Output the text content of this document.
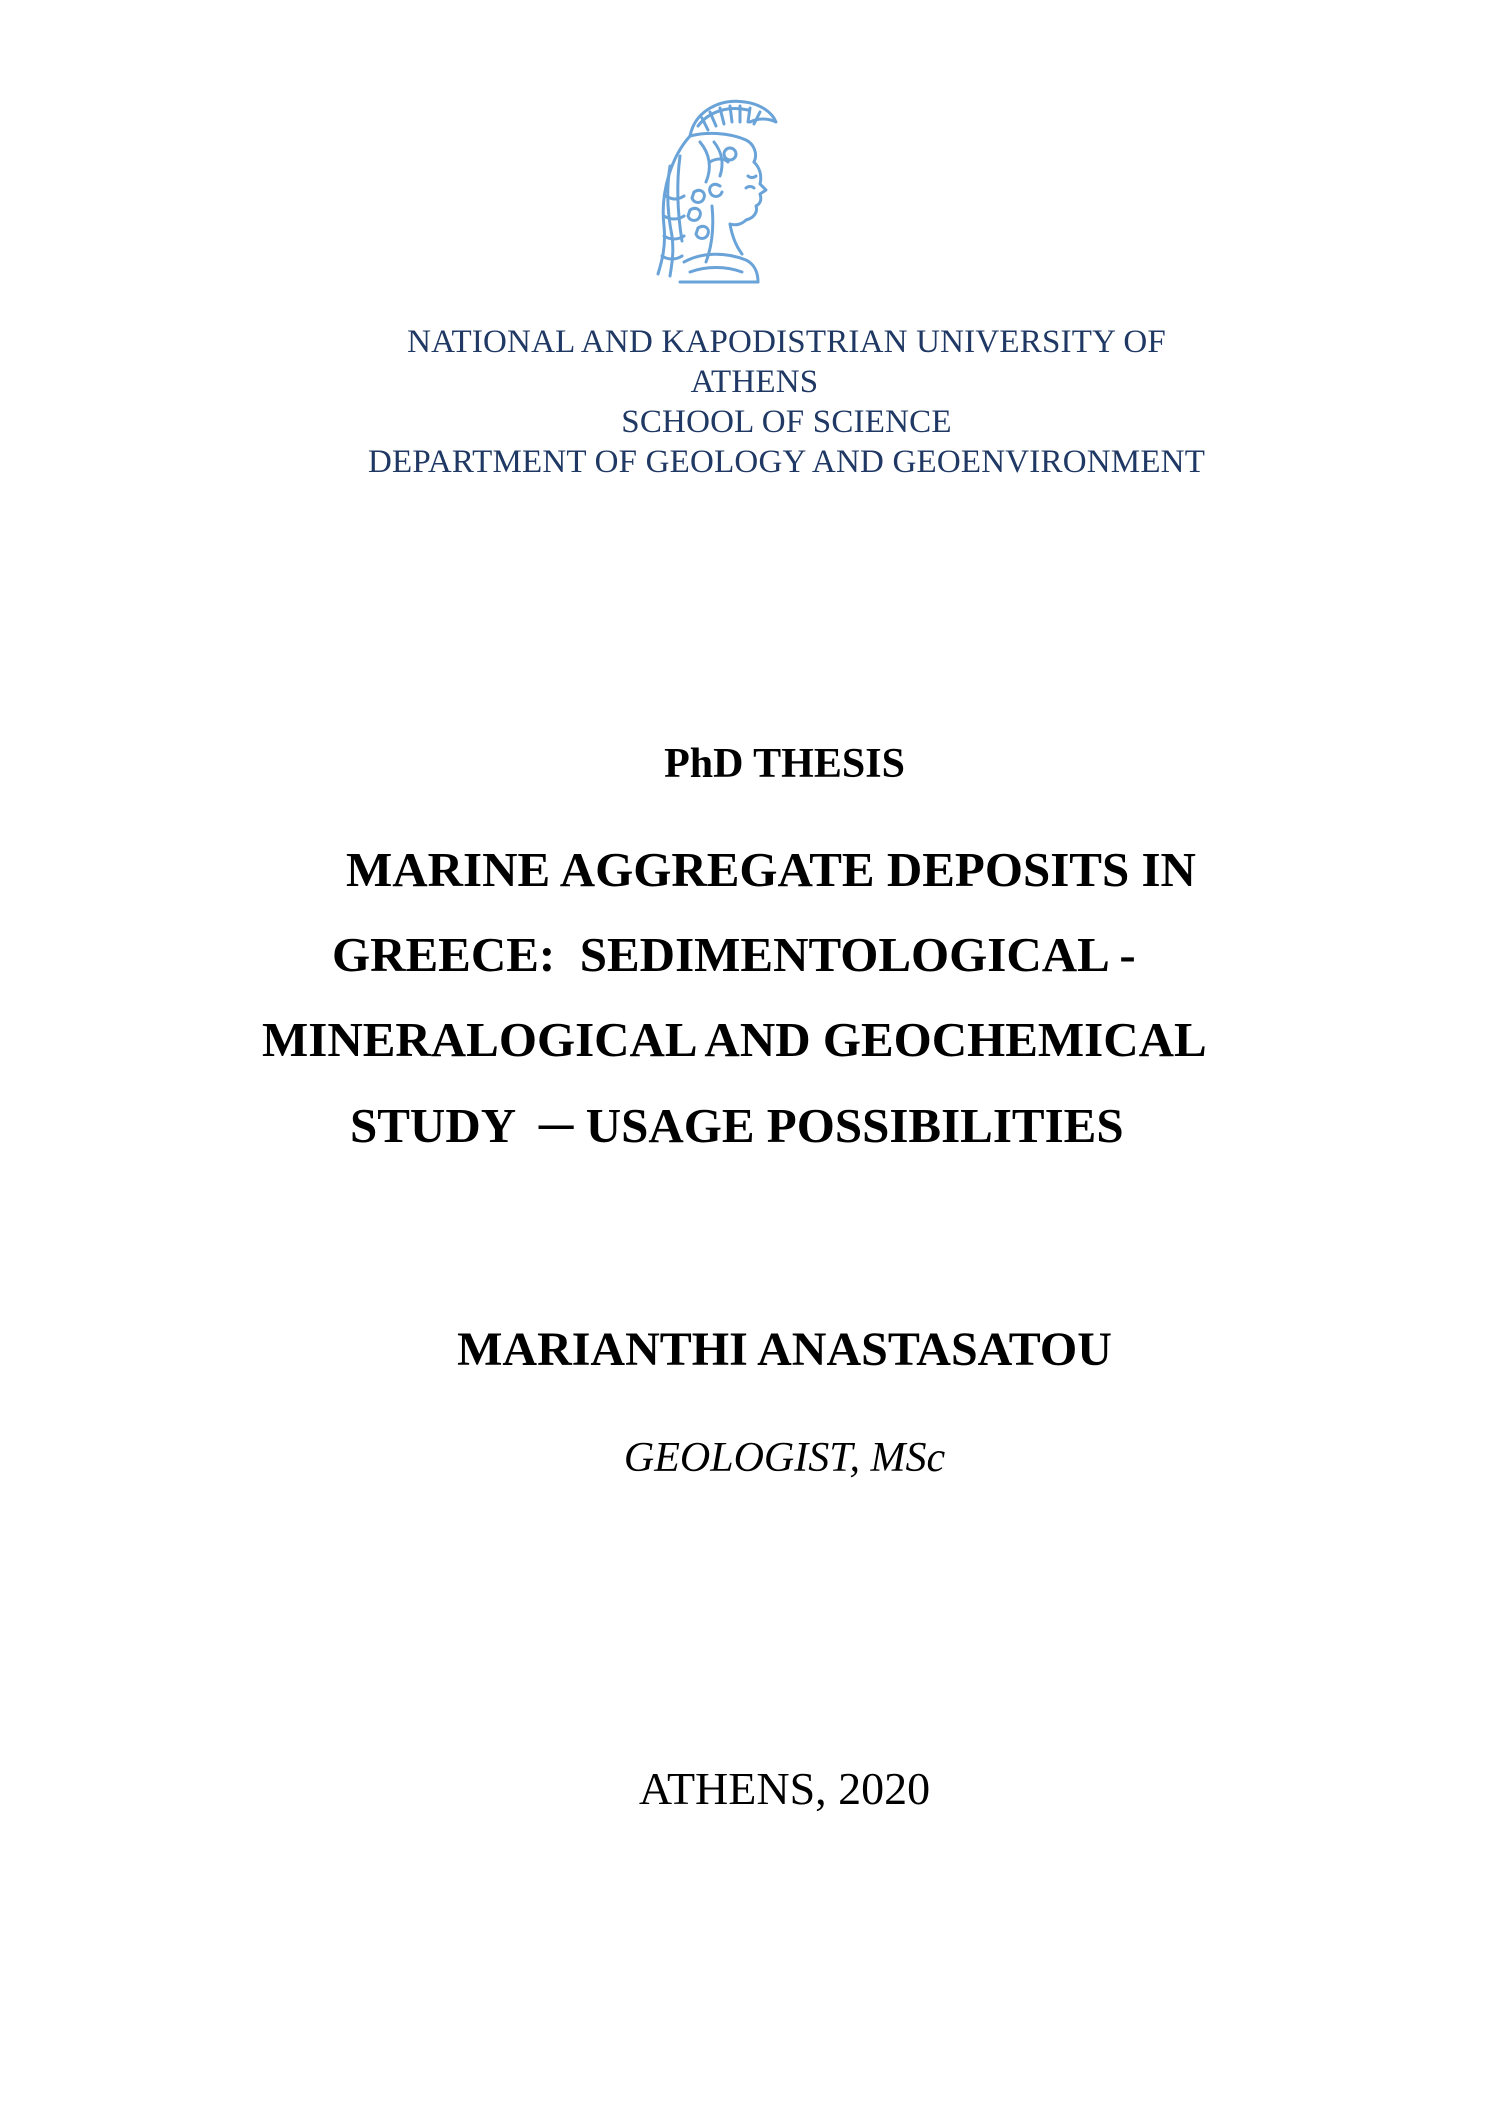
NATIONAL AND KAPODISTRIAN UNIVERSITY OF
ATHENS
SCHOOL OF SCIENCE
DEPARTMENT OF GEOLOGY AND GEOENVIRONMENT
PhD THESIS
MARINE AGGREGATE DEPOSITS IN
GREECE:  SEDIMENTOLOGICAL -
MINERALOGICAL AND GEOCHEMICAL
STUDY  ─ USAGE POSSIBILITIES
MARIANTHI ANASTASATOU
GEOLOGIST, MSc
ATHENS, 2020
